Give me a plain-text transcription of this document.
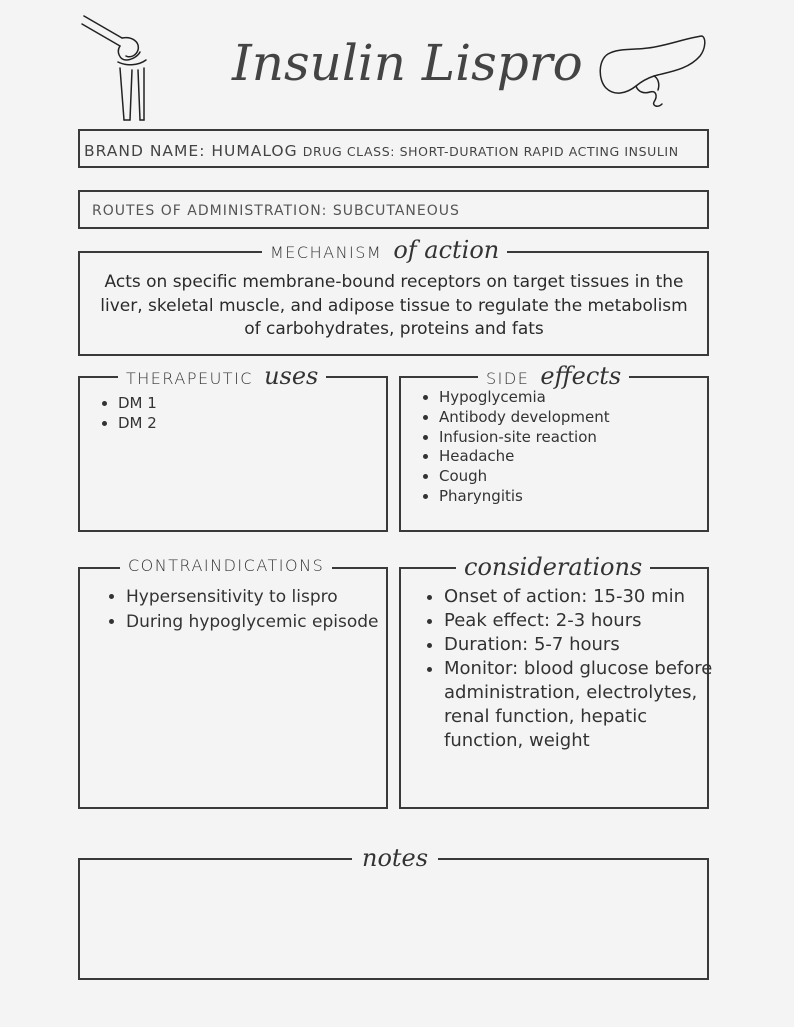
Insulin Lispro
BRAND NAME: HUMALOG DRUG CLASS: SHORT-DURATION RAPID ACTING INSULIN
ROUTES OF ADMINISTRATION: SUBCUTANEOUS
Acts on specific membrane-bound receptors on target tissues in the liver, skeletal muscle, and adipose tissue to regulate the metabolism of carbohydrates, proteins and fats
MECHANISM of action
• DM 1
• DM 2
THERAPEUTIC uses
• Hypoglycemia
• Antibody development
• Infusion-site reaction
• Headache
• Cough
• Pharyngitis
SIDE effects
• Hypersensitivity to lispro
• During hypoglycemic episode
CONTRAINDICATIONS
• Onset of action: 15-30 min
• Peak effect: 2-3 hours
• Duration: 5-7 hours
• Monitor: blood glucose before administration, electrolytes, renal function, hepatic function, weight
considerations
notes
